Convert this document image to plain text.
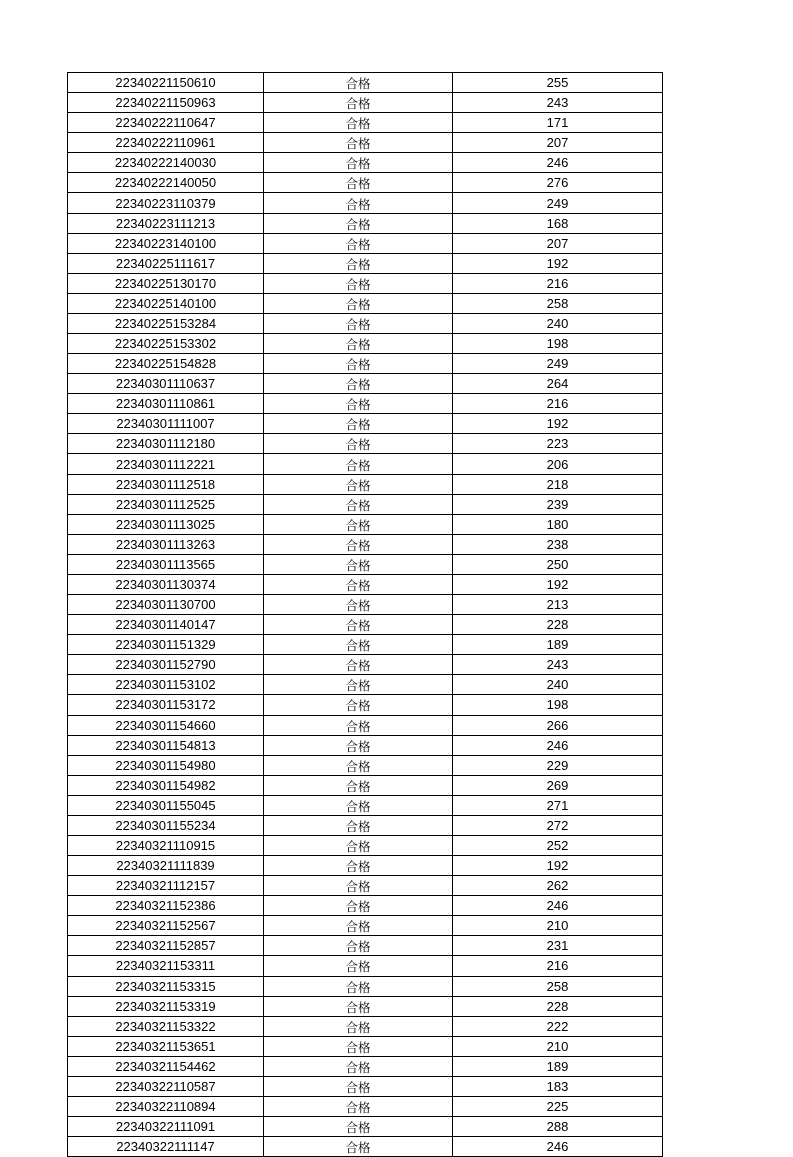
22340221150610	合格	255
22340221150963	合格	243
22340222110647	合格	171
22340222110961	合格	207
22340222140030	合格	246
22340222140050	合格	276
22340223110379	合格	249
22340223111213	合格	168
22340223140100	合格	207
22340225111617	合格	192
22340225130170	合格	216
22340225140100	合格	258
22340225153284	合格	240
22340225153302	合格	198
22340225154828	合格	249
22340301110637	合格	264
22340301110861	合格	216
22340301111007	合格	192
22340301112180	合格	223
22340301112221	合格	206
22340301112518	合格	218
22340301112525	合格	239
22340301113025	合格	180
22340301113263	合格	238
22340301113565	合格	250
22340301130374	合格	192
22340301130700	合格	213
22340301140147	合格	228
22340301151329	合格	189
22340301152790	合格	243
22340301153102	合格	240
22340301153172	合格	198
22340301154660	合格	266
22340301154813	合格	246
22340301154980	合格	229
22340301154982	合格	269
22340301155045	合格	271
22340301155234	合格	272
22340321110915	合格	252
22340321111839	合格	192
22340321112157	合格	262
22340321152386	合格	246
22340321152567	合格	210
22340321152857	合格	231
22340321153311	合格	216
22340321153315	合格	258
22340321153319	合格	228
22340321153322	合格	222
22340321153651	合格	210
22340321154462	合格	189
22340322110587	合格	183
22340322110894	合格	225
22340322111091	合格	288
22340322111147	合格	246
